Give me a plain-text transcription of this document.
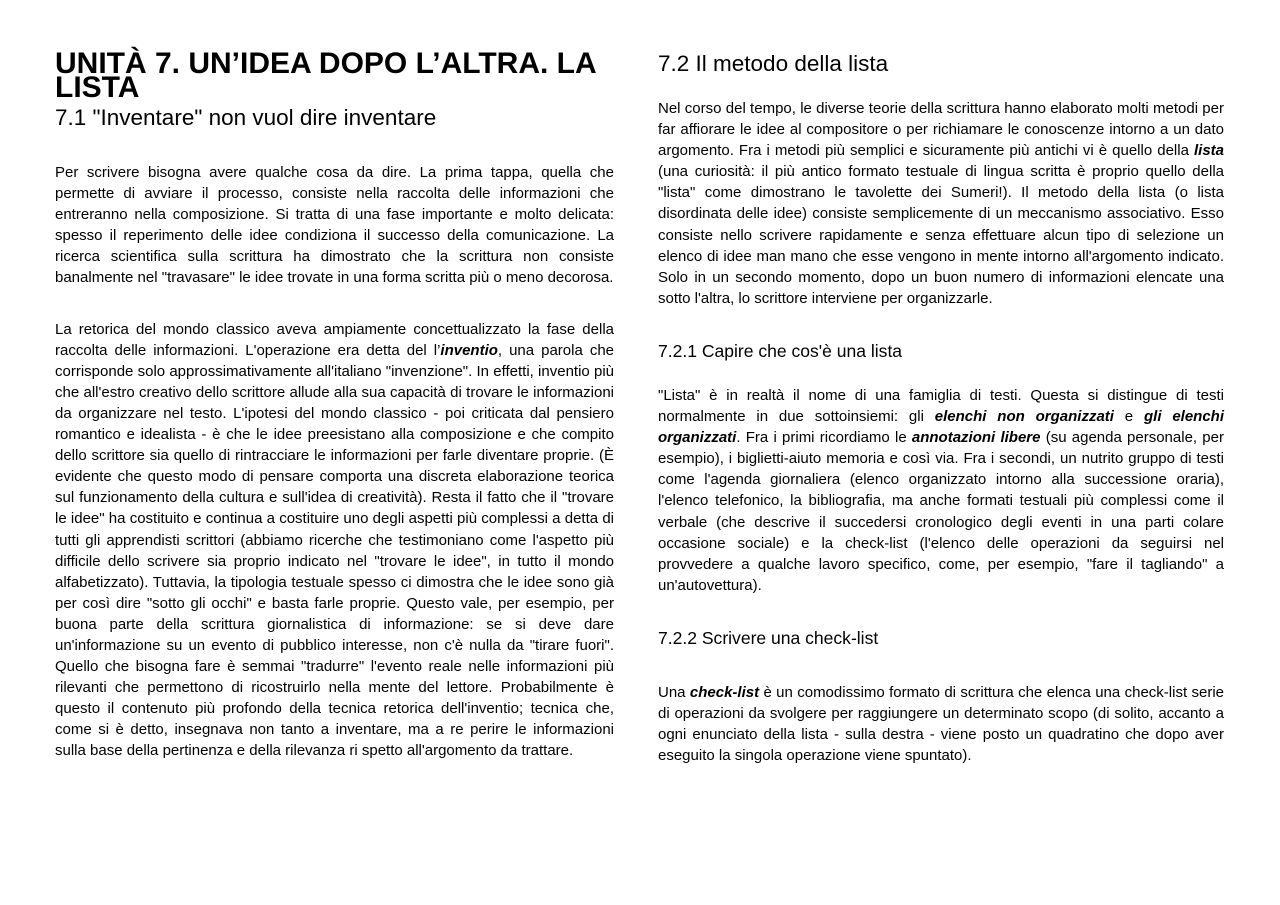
UNITÀ 7. UN’IDEA DOPO L’ALTRA. LA LISTA
7.1 "Inventare" non vuol dire inventare

Per scrivere bisogna avere qualche cosa da dire. La prima tappa, quella che permette di avviare il processo, consiste nella raccolta delle informazioni che entreranno nella composizione. Si tratta di una fase importante e molto delicata: spesso il reperimento delle idee condiziona il successo della comunicazione. La ricerca scientifica sulla scrittura ha dimostrato che la scrittura non consiste banalmente nel "travasare" le idee trovate in una forma scritta più o meno decorosa.

La retorica del mondo classico aveva ampiamente concettualizzato la fase della raccolta delle informazioni. L'operazione era detta del l’inventio, una parola che corrisponde solo approssimativamente all'italiano "invenzione". In effetti, inventio più che all'estro creativo dello scrittore allude alla sua capacità di trovare le informazioni da organizzare nel testo. L'ipotesi del mondo classico - poi criticata dal pensiero romantico e idealista - è che le idee preesistano alla composizione e che compito dello scrittore sia quello di rintracciare le informazioni per farle diventare proprie. (È evidente che questo modo di pensare comporta una discreta elaborazione teorica sul funzionamento della cultura e sull'idea di creatività). Resta il fatto che il "trovare le idee" ha costituito e continua a costituire uno degli aspetti più complessi a detta di tutti gli apprendisti scrittori (abbiamo ricerche che testimoniano come l'aspetto più difficile dello scrivere sia proprio indicato nel "trovare le idee", in tutto il mondo alfabetizzato). Tuttavia, la tipologia testuale spesso ci dimostra che le idee sono già per così dire "sotto gli occhi" e basta farle proprie. Questo vale, per esempio, per buona parte della scrittura giornalistica di informazione: se si deve dare un'informazione su un evento di pubblico interesse, non c'è nulla da "tirare fuori". Quello che bisogna fare è semmai "tradurre" l'evento reale nelle informazioni più rilevanti che permettono di ricostruirlo nella mente del lettore. Probabilmente è questo il contenuto più profondo della tecnica retorica dell'inventio; tecnica che, come si è detto, insegnava non tanto a inventare, ma a re perire le informazioni sulla base della pertinenza e della rilevanza ri spetto all'argomento da trattare.

7.2 Il metodo della lista

Nel corso del tempo, le diverse teorie della scrittura hanno elaborato molti metodi per far affiorare le idee al compositore o per richiamare le conoscenze intorno a un dato argomento. Fra i metodi più semplici e sicuramente più antichi vi è quello della lista (una curiosità: il più antico formato testuale di lingua scritta è proprio quello della "lista" come dimostrano le tavolette dei Sumeri!). Il metodo della lista (o lista disordinata delle idee) consiste semplicemente di un meccanismo associativo. Esso consiste nello scrivere rapidamente e senza effettuare alcun tipo di selezione un elenco di idee man mano che esse vengono in mente intorno all'argomento indicato. Solo in un secondo momento, dopo un buon numero di informazioni elencate una sotto l'altra, lo scrittore interviene per organizzarle.

7.2.1 Capire che cos'è una lista

"Lista" è in realtà il nome di una famiglia di testi. Questa si distingue di testi normalmente in due sottoinsiemi: gli elenchi non organizzati e gli elenchi organizzati. Fra i primi ricordiamo le annotazioni libere (su agenda personale, per esempio), i biglietti-aiuto memoria e così via. Fra i secondi, un nutrito gruppo di testi come l'agenda giornaliera (elenco organizzato intorno alla successione oraria), l'elenco telefonico, la bibliografia, ma anche formati testuali più complessi come il verbale (che descrive il succedersi cronologico degli eventi in una parti colare occasione sociale) e la check-list (l'elenco delle operazioni da seguirsi nel provvedere a qualche lavoro specifico, come, per esempio, "fare il tagliando" a un'autovettura).

7.2.2 Scrivere una check-list

Una check-list è un comodissimo formato di scrittura che elenca una check-list serie di operazioni da svolgere per raggiungere un determinato scopo (di solito, accanto a ogni enunciato della lista - sulla destra - viene posto un quadratino che dopo aver eseguito la singola operazione viene spuntato).
